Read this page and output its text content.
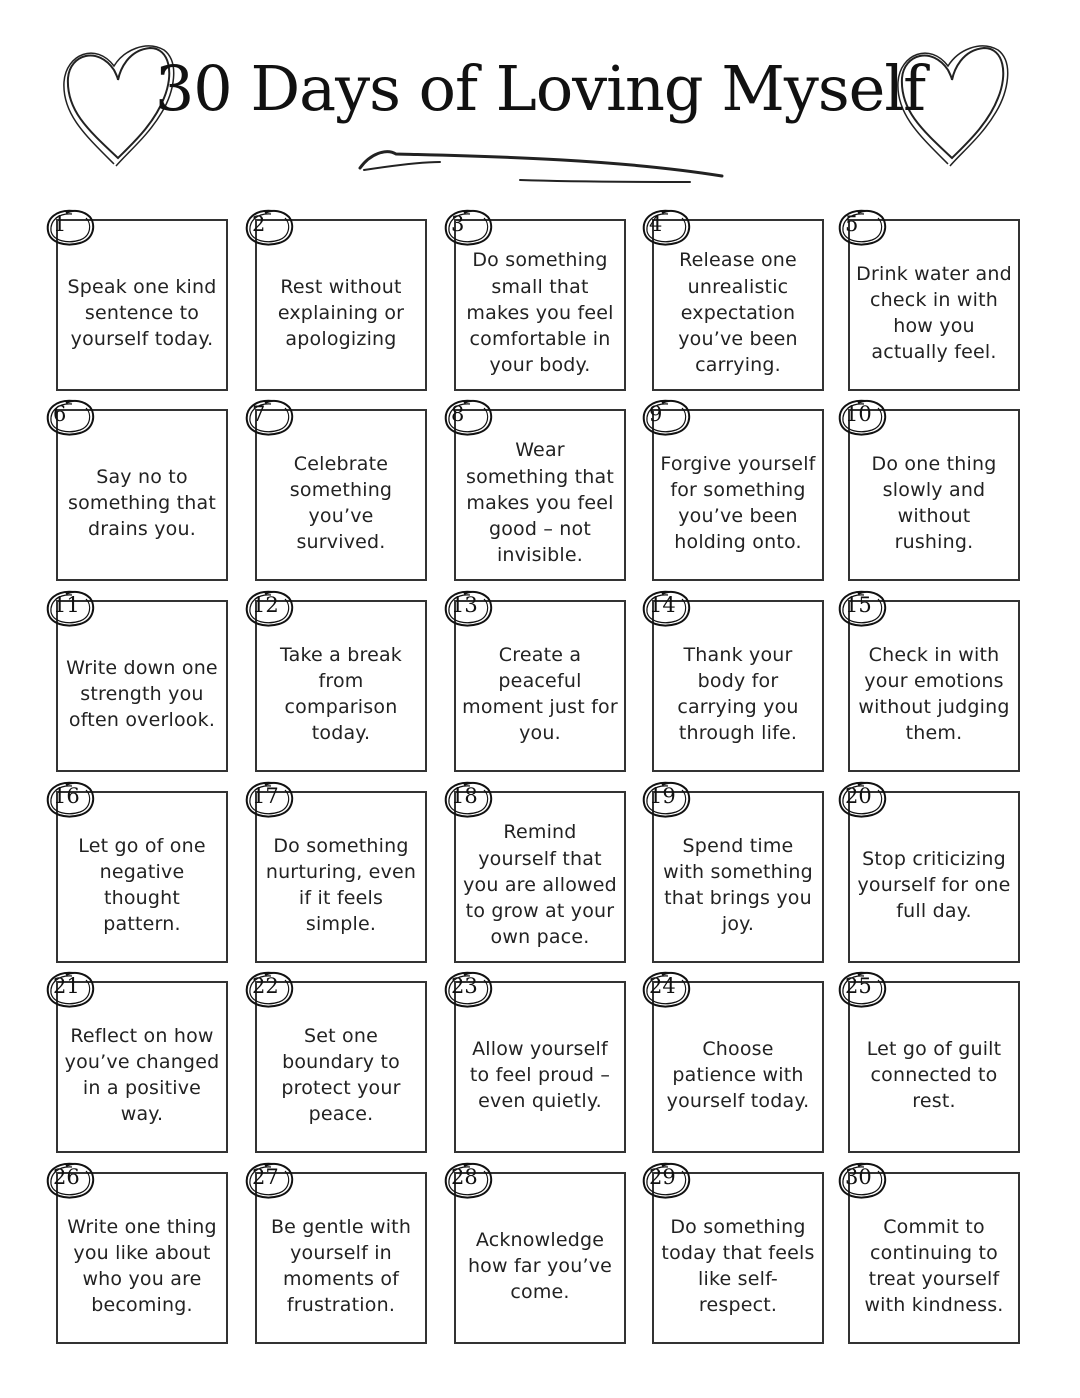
30 Days of Loving Myself
Speak one kind sentence to yourself today.
1
Rest without explaining or apologizing
2
Do something small that makes you feel comfortable in your body.
3
Release one unrealistic expectation you’ve been carrying.
4
Drink water and check in with how you actually feel.
5
Say no to something that drains you.
6
Celebrate something you’ve survived.
7
Wear something that makes you feel good – not invisible.
8
Forgive yourself for something you’ve been holding onto.
9
Do one thing slowly and without rushing.
10
Write down one strength you often overlook.
11
Take a break from comparison today.
12
Create a peaceful moment just for you.
13
Thank your body for carrying you through life.
14
Check in with your emotions without judging them.
15
Let go of one negative thought pattern.
16
Do something nurturing, even if it feels simple.
17
Remind yourself that you are allowed to grow at your own pace.
18
Spend time with something that brings you joy.
19
Stop criticizing yourself for one full day.
20
Reflect on how you’ve changed in a positive way.
21
Set one boundary to protect your peace.
22
Allow yourself to feel proud – even quietly.
23
Choose patience with yourself today.
24
Let go of guilt connected to rest.
25
Write one thing you like about who you are becoming.
26
Be gentle with yourself in moments of frustration.
27
Acknowledge how far you’ve come.
28
Do something today that feels like self-respect.
29
Commit to continuing to treat yourself with kindness.
30
